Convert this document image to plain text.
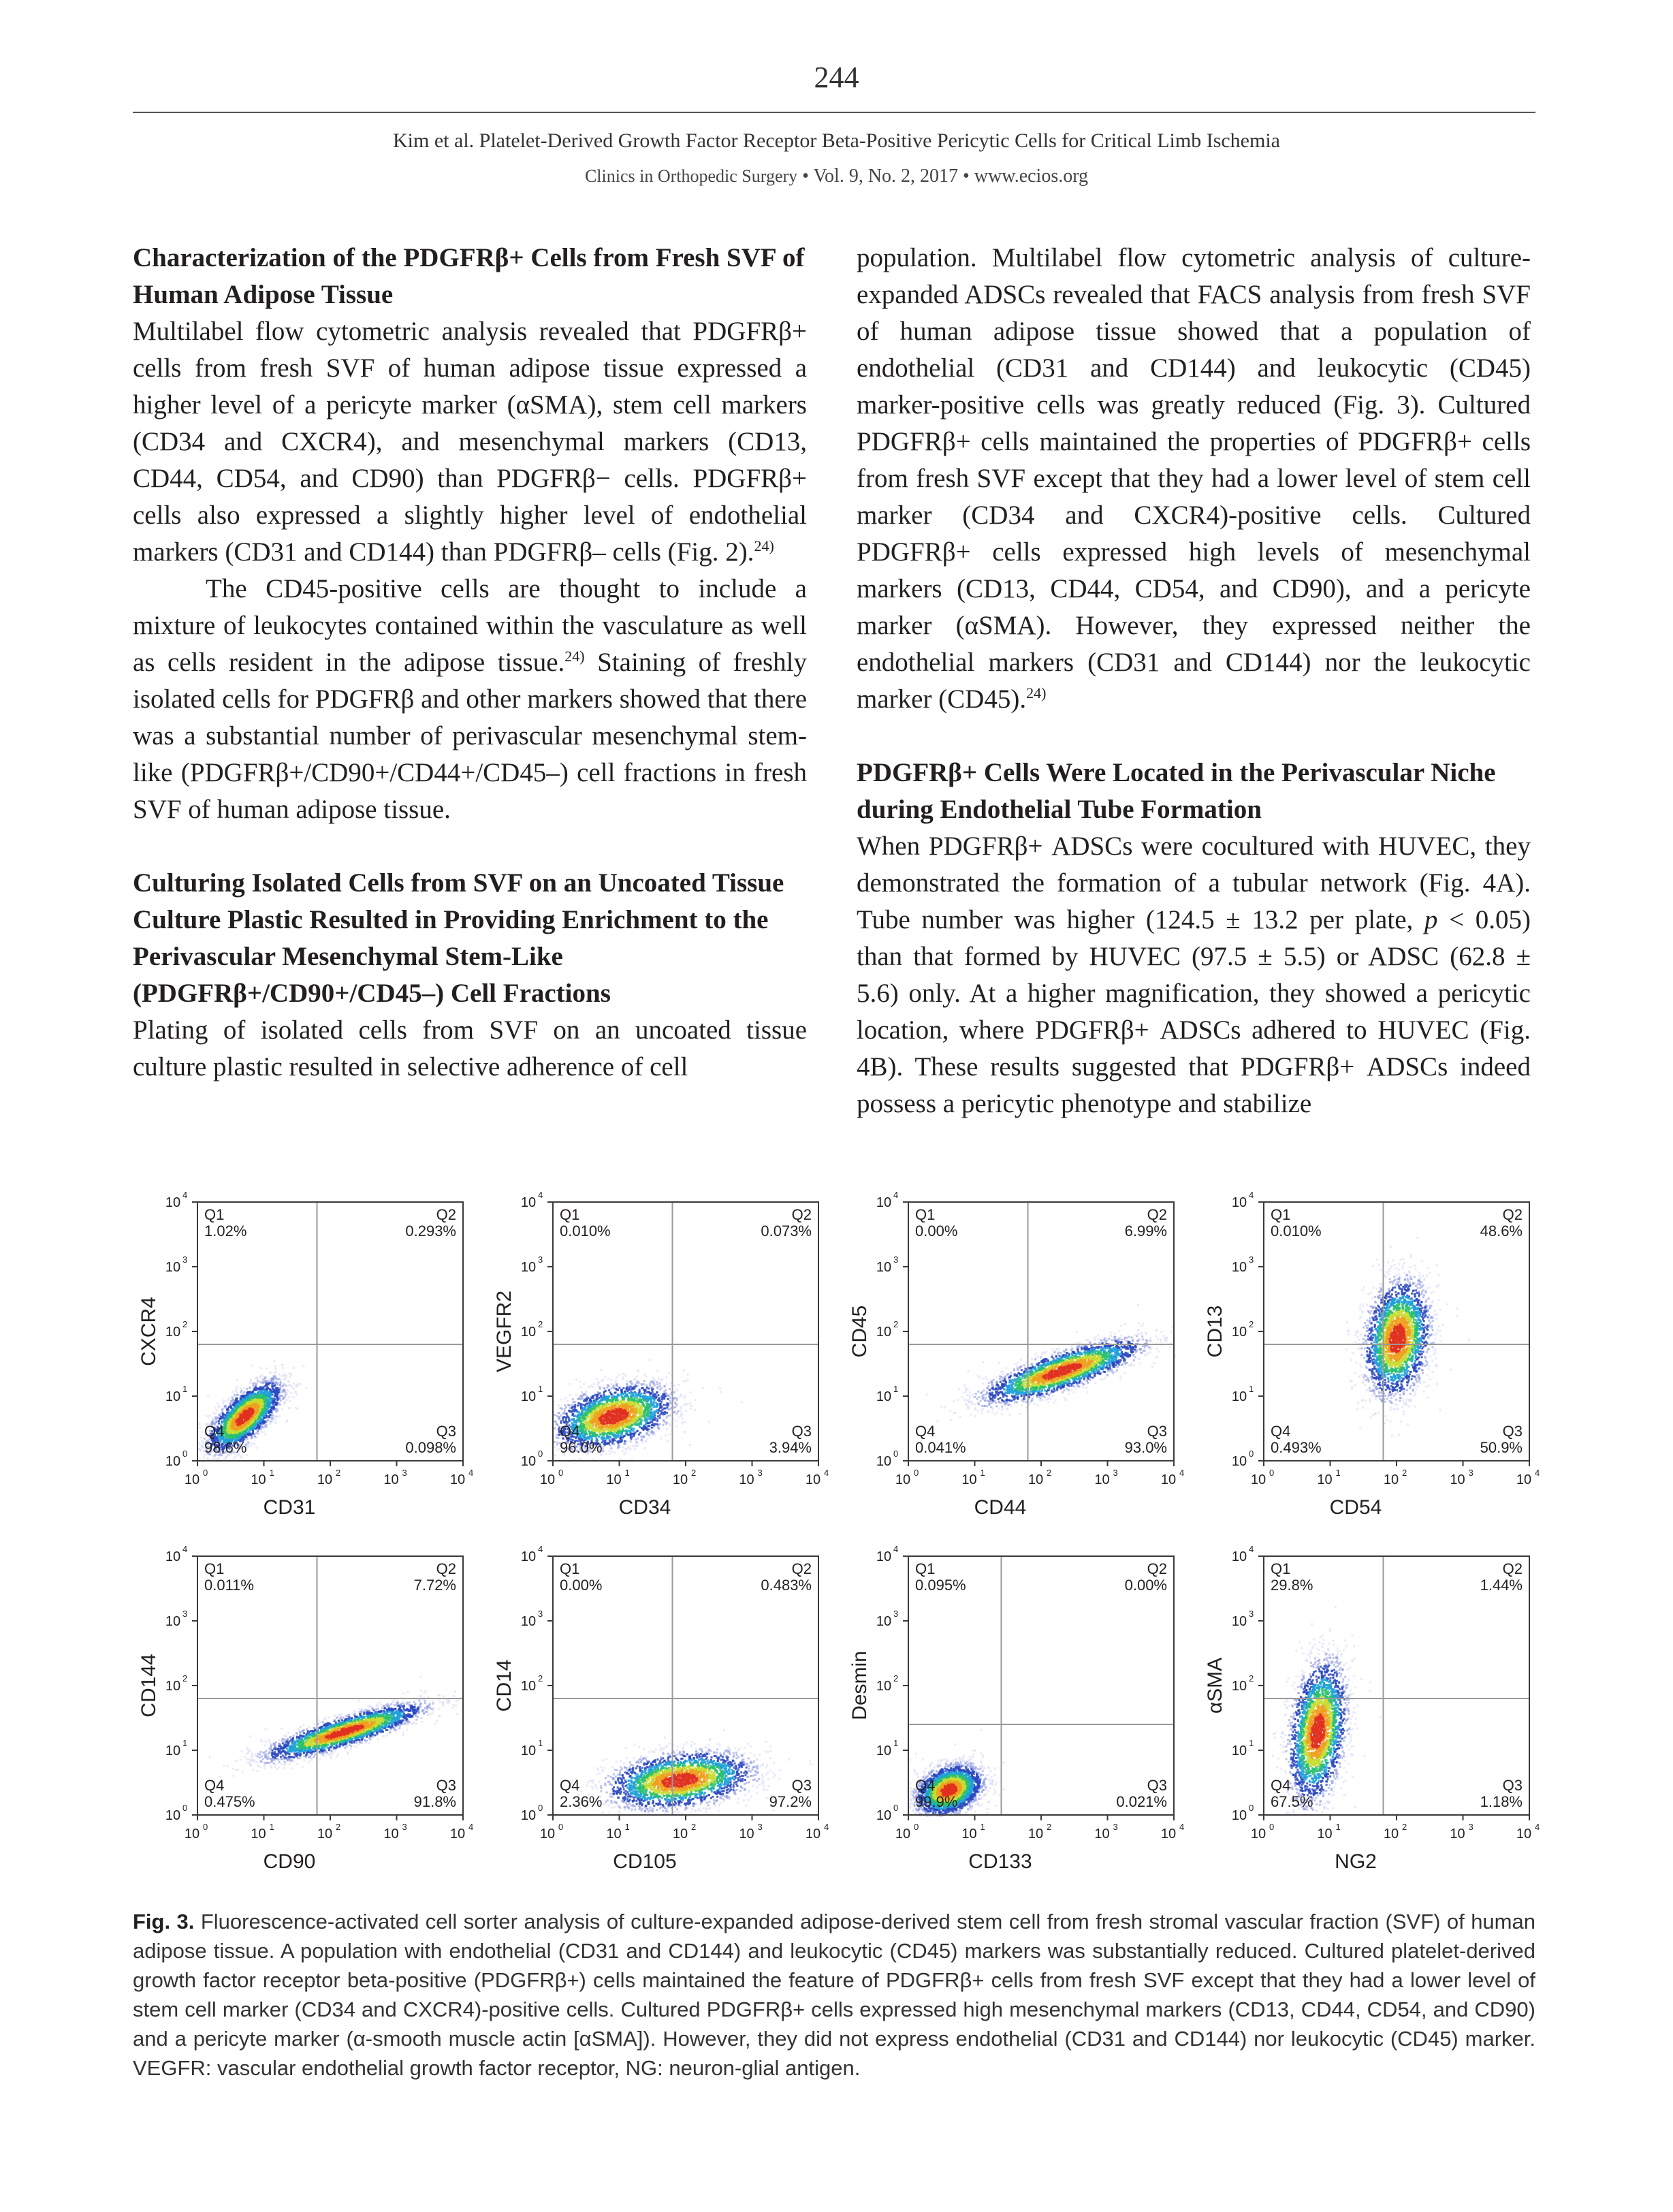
244
Kim et al. Platelet-Derived Growth Factor Receptor Beta-Positive Pericytic Cells for Critical Limb Ischemia
Clinics in Orthopedic Surgery • Vol. 9, No. 2, 2017 • www.ecios.org
Characterization of the PDGFRβ+ Cells from Fresh SVF of Human Adipose Tissue

Multilabel flow cytometric analysis revealed that PDGFRβ+ cells from fresh SVF of human adipose tissue expressed a higher level of a pericyte marker (αSMA), stem cell markers (CD34 and CXCR4), and mesenchymal markers (CD13, CD44, CD54, and CD90) than PDGFRβ− cells. PDGFRβ+ cells also expressed a slightly higher level of endothelial markers (CD31 and CD144) than PDGFRβ– cells (Fig. 2).$^{24)}$

The CD45-positive cells are thought to include a mixture of leukocytes contained within the vasculature as well as cells resident in the adipose tissue.$^{24)}$ Staining of freshly isolated cells for PDGFRβ and other markers showed that there was a substantial number of perivascular mesenchymal stem-like (PDGFRβ+/CD90+/CD44+/CD45–) cell fractions in fresh SVF of human adipose tissue.

Culturing Isolated Cells from SVF on an Uncoated Tissue Culture Plastic Resulted in Providing Enrichment to the Perivascular Mesenchymal Stem-Like (PDGFRβ+/CD90+/CD45–) Cell Fractions

Plating of isolated cells from SVF on an uncoated tissue culture plastic resulted in selective adherence of cell

population. Multilabel flow cytometric analysis of culture-expanded ADSCs revealed that FACS analysis from fresh SVF of human adipose tissue showed that a population of endothelial (CD31 and CD144) and leukocytic (CD45) marker-positive cells was greatly reduced (Fig. 3). Cultured PDGFRβ+ cells maintained the properties of PDGFRβ+ cells from fresh SVF except that they had a lower level of stem cell marker (CD34 and CXCR4)-positive cells. Cultured PDGFRβ+ cells expressed high levels of mesenchymal markers (CD13, CD44, CD54, and CD90), and a pericyte marker (αSMA). However, they expressed neither the endothelial markers (CD31 and CD144) nor the leukocytic marker (CD45).$^{24)}$

PDGFRβ+ Cells Were Located in the Perivascular Niche during Endothelial Tube Formation

When PDGFRβ+ ADSCs were cocultured with HUVEC, they demonstrated the formation of a tubular network (Fig. 4A). Tube number was higher (124.5 ± 13.2 per plate, p < 0.05) than that formed by HUVEC (97.5 ± 5.5) or ADSC (62.8 ± 5.6) only. At a higher magnification, they showed a pericytic location, where PDGFRβ+ ADSCs adhered to HUVEC (Fig. 4B). These results suggested that PDGFRβ+ ADSCs indeed possess a pericytic phenotype and stabilize

10 0
10
0
10 1
10
1
10 2
10
2
10 3
10
3
10 4
10
4
Q1
1.02%
Q2
0.293%
Q4
98.6%
Q3
0.098%
CD31
CXCR4
10 0
10
0
10 1
10
1
10 2
10
2
10 3
10
3
10 4
10
4
Q1
0.010%
Q2
0.073%
Q4
96.0%
Q3
3.94%
CD34
VEGFR2
10 0
10
0
10 1
10
1
10 2
10
2
10 3
10
3
10 4
10
4
Q1
0.00%
Q2
6.99%
Q4
0.041%
Q3
93.0%
CD44
CD45
10 0
10
0
10 1
10
1
10 2
10
2
10 3
10
3
10 4
10
4
Q1
0.010%
Q2
48.6%
Q4
0.493%
Q3
50.9%
CD54
CD13
10 0
10
0
10 1
10
1
10 2
10
2
10 3
10
3
10 4
10
4
Q1
0.011%
Q2
7.72%
Q4
0.475%
Q3
91.8%
CD90
CD144
10 0
10
0
10 1
10
1
10 2
10
2
10 3
10
3
10 4
10
4
Q1
0.00%
Q2
0.483%
Q4
2.36%
Q3
97.2%
CD105
CD14
10 0
10
0
10 1
10
1
10 2
10
2
10 3
10
3
10 4
10
4
Q1
0.095%
Q2
0.00%
Q4
99.9%
Q3
0.021%
CD133
Desmin
10 0
10
0
10 1
10
1
10 2
10
2
10 3
10
3
10 4
10
4
Q1
29.8%
Q2
1.44%
Q4
67.5%
Q3
1.18%
NG2
αSMA
Fig. 3. Fluorescence-activated cell sorter analysis of culture-expanded adipose-derived stem cell from fresh stromal vascular fraction (SVF) of human adipose tissue. A population with endothelial (CD31 and CD144) and leukocytic (CD45) markers was substantially reduced. Cultured platelet-derived growth factor receptor beta-positive (PDGFRβ+) cells maintained the feature of PDGFRβ+ cells from fresh SVF except that they had a lower level of stem cell marker (CD34 and CXCR4)-positive cells. Cultured PDGFRβ+ cells expressed high mesenchymal markers (CD13, CD44, CD54, and CD90) and a pericyte marker (α-smooth muscle actin [αSMA]). However, they did not express endothelial (CD31 and CD144) nor leukocytic (CD45) marker. VEGFR: vascular endothelial growth factor receptor, NG: neuron-glial antigen.
